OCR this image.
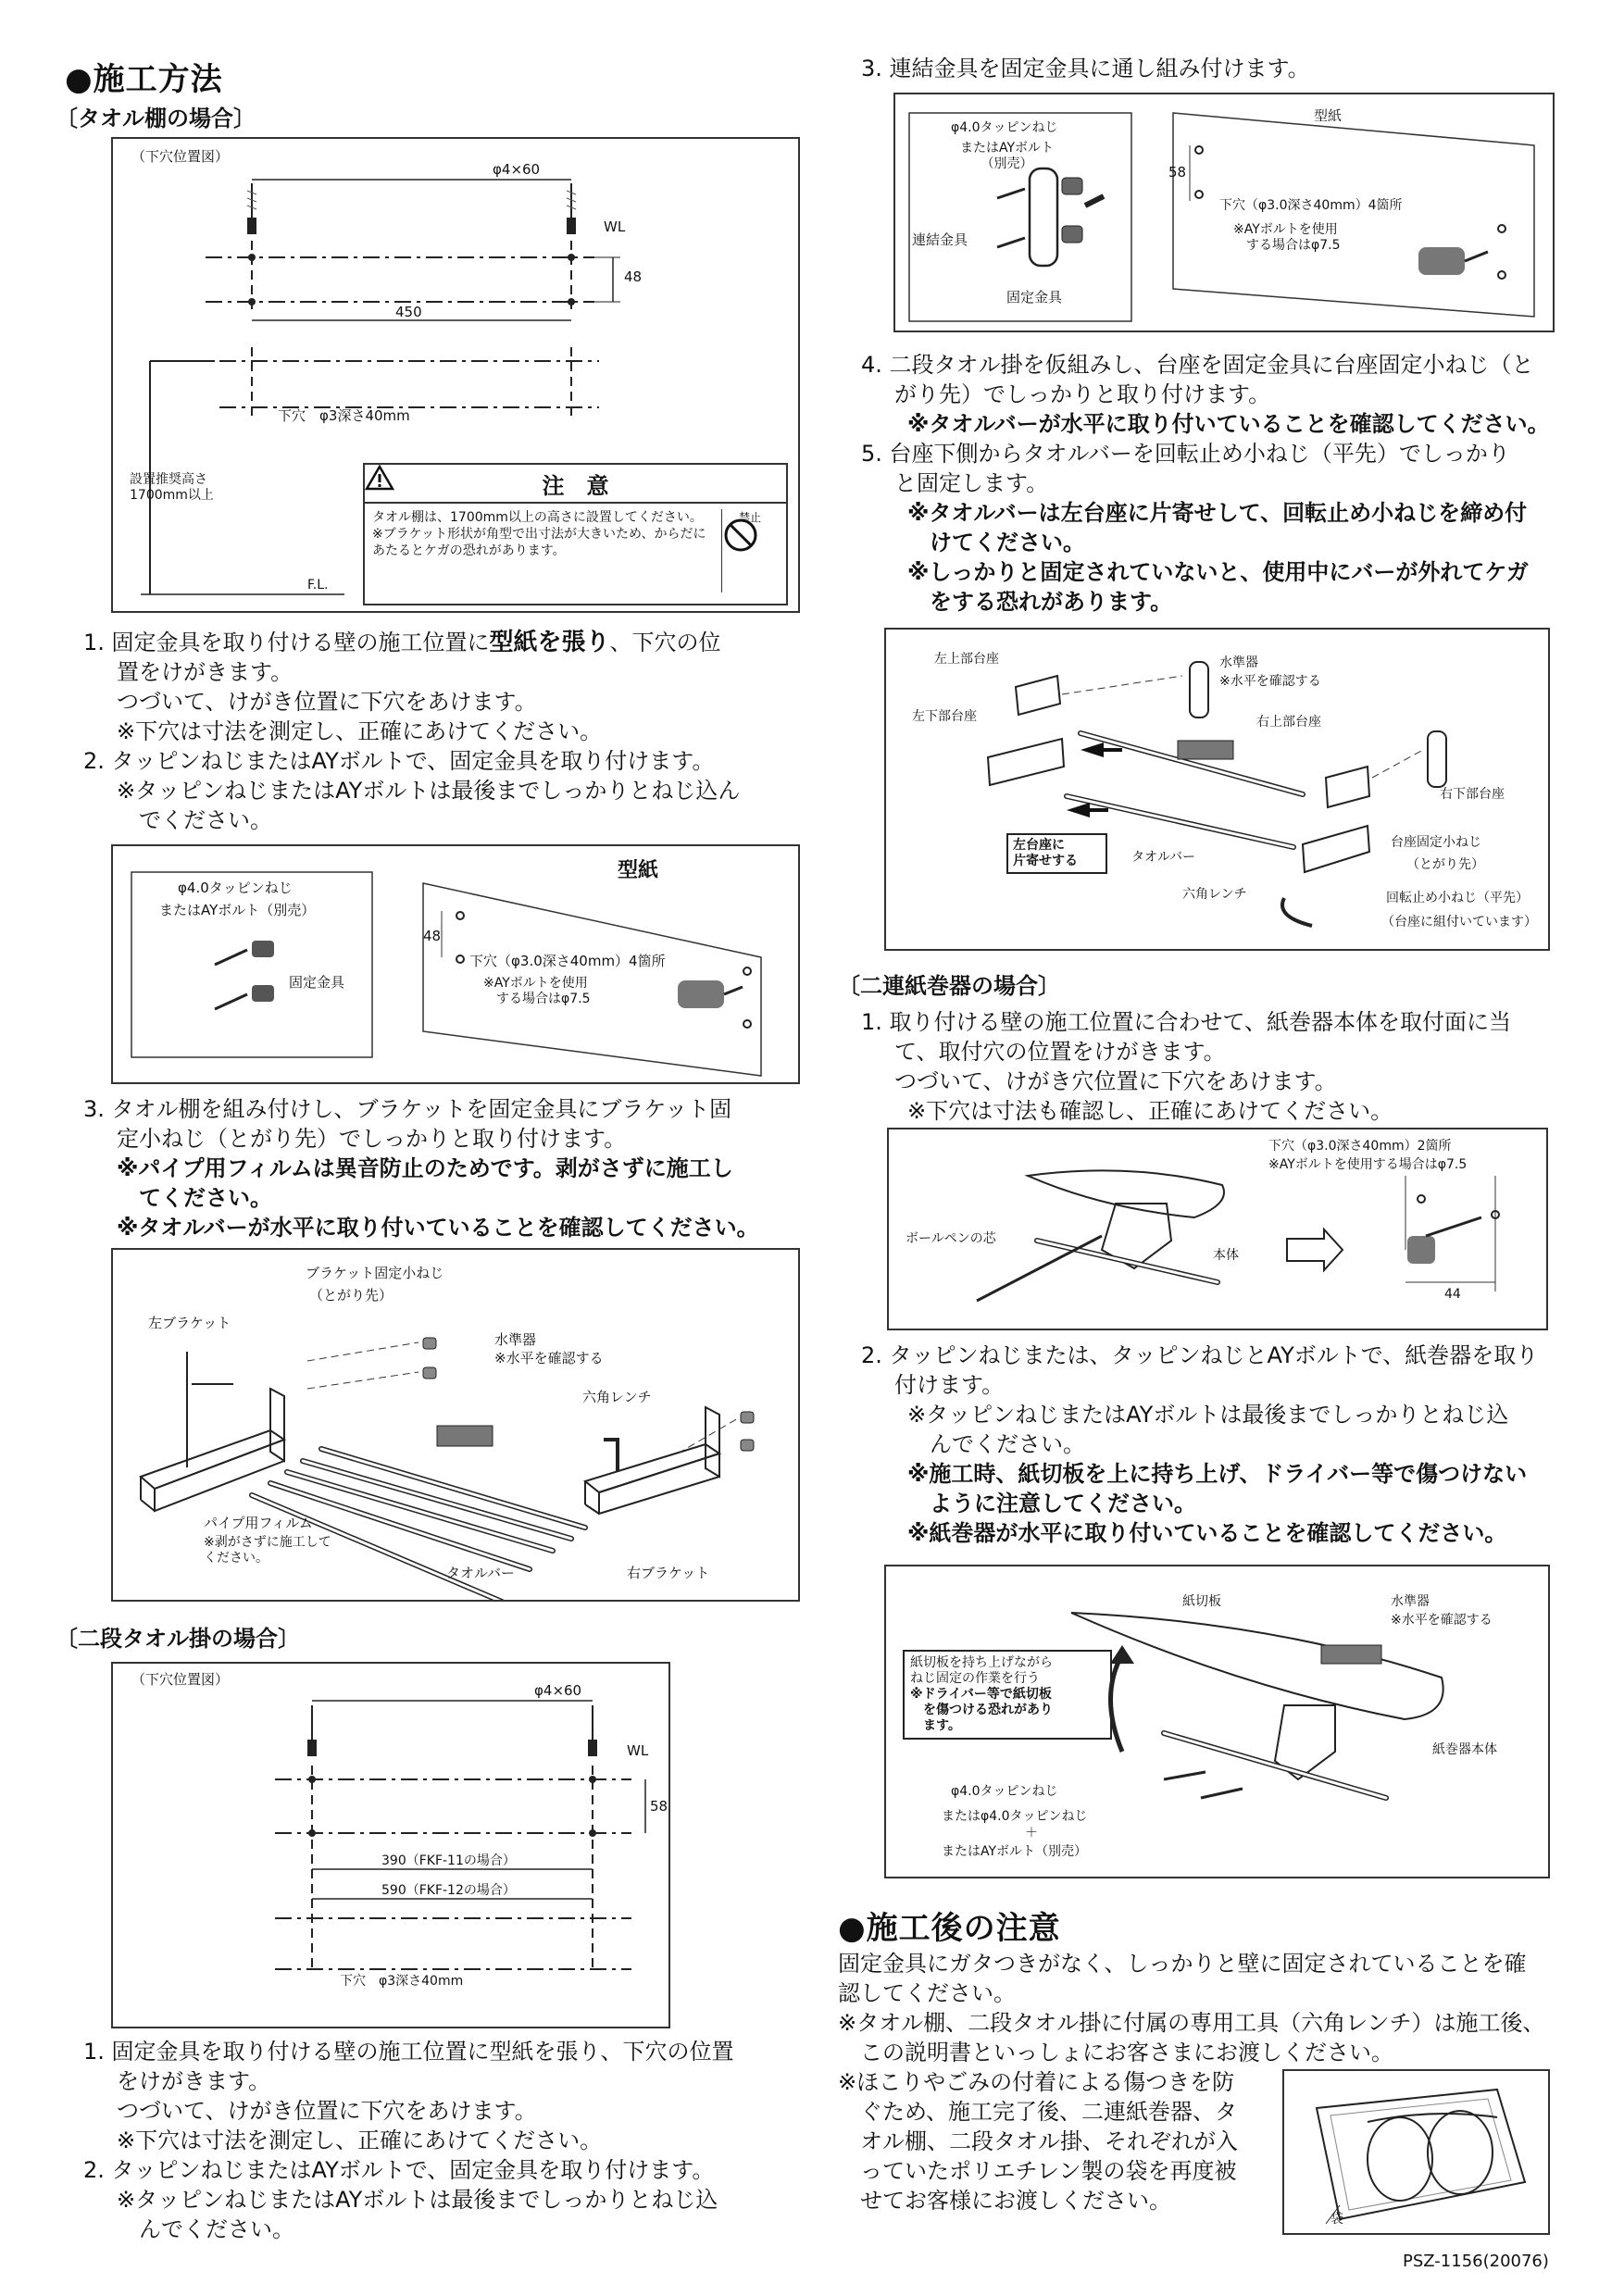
●施工方法
〔タオル棚の場合〕
（下穴位置図）
φ4×60
WL
48
450
下穴　φ3深さ40mm
設置推奨高さ
1700mm以上
F.L.
注　意
タオル棚は、1700mm以上の高さに設置してください。
※ブラケット形状が角型で出寸法が大きいため、からだにあたるとケガの恐れがあります。
禁止
1. 固定金具を取り付ける壁の施工位置に型紙を張り、下穴の位
置をけがきます。
つづいて、けがき位置に下穴をあけます。
※下穴は寸法を測定し、正確にあけてください。
2. タッピンねじまたはAYボルトで、固定金具を取り付けます。
※タッピンねじまたはAYボルトは最後までしっかりとねじ込ん
でください。
φ4.0タッピンねじ
またはAYボルト（別売）
固定金具
型紙
48
下穴（φ3.0深さ40mm）4箇所
※AYボルトを使用
　する場合はφ7.5
3. タオル棚を組み付けし、ブラケットを固定金具にブラケット固
定小ねじ（とがり先）でしっかりと取り付けます。
※パイプ用フィルムは異音防止のためです。剥がさずに施工し
てください。
※タオルバーが水平に取り付いていることを確認してください。
ブラケット固定小ねじ
（とがり先）
左ブラケット
水準器
※水平を確認する
六角レンチ
パイプ用フィルム
※剥がさずに施工して
ください。
タオルバー	右ブラケット
〔二段タオル掛の場合〕
（下穴位置図）
φ4×60
WL
58
390（FKF-11の場合）
590（FKF-12の場合）
下穴　φ3深さ40mm
1. 固定金具を取り付ける壁の施工位置に型紙を張り、下穴の位置
をけがきます。
つづいて、けがき位置に下穴をあけます。
※下穴は寸法を測定し、正確にあけてください。
2. タッピンねじまたはAYボルトで、固定金具を取り付けます。
※タッピンねじまたはAYボルトは最後までしっかりとねじ込
んでください。
3. 連結金具を固定金具に通し組み付けます。
φ4.0タッピンねじ
またはAYボルト
（別売）
連結金具
固定金具
型紙
58
下穴（φ3.0深さ40mm）4箇所
※AYボルトを使用
　する場合はφ7.5
4. 二段タオル掛を仮組みし、台座を固定金具に台座固定小ねじ（と
がり先）でしっかりと取り付けます。
※タオルバーが水平に取り付いていることを確認してください。
5. 台座下側からタオルバーを回転止め小ねじ（平先）でしっかり
と固定します。
※タオルバーは左台座に片寄せして、回転止め小ねじを締め付
けてください。
※しっかりと固定されていないと、使用中にバーが外れてケガ
をする恐れがあります。
左上部台座
左下部台座
水準器
※水平を確認する
右上部台座
右下部台座
左台座に
片寄せする	タオルバー
台座固定小ねじ
（とがり先）
六角レンチ	回転止め小ねじ（平先）
（台座に組付いています）
〔二連紙巻器の場合〕
1. 取り付ける壁の施工位置に合わせて、紙巻器本体を取付面に当
て、取付穴の位置をけがきます。
つづいて、けがき穴位置に下穴をあけます。
※下穴は寸法も確認し、正確にあけてください。
下穴（φ3.0深さ40mm）2箇所
※AYボルトを使用する場合はφ7.5
ボールペンの芯
本体
44
2. タッピンねじまたは、タッピンねじとAYボルトで、紙巻器を取り
付けます。
※タッピンねじまたはAYボルトは最後までしっかりとねじ込
んでください。
※施工時、紙切板を上に持ち上げ、ドライバー等で傷つけない
ように注意してください。
※紙巻器が水平に取り付いていることを確認してください。
紙切板	水準器
※水平を確認する
紙切板を持ち上げながら
ねじ固定の作業を行う
※ドライバー等で紙切板
　を傷つける恐れがあり
　ます。
紙巻器本体
φ4.0タッピンねじ
またはφ4.0タッピンねじ
＋
またはAYボルト（別売）
●施工後の注意
固定金具にガタつきがなく、しっかりと壁に固定されていることを確
認してください。
※タオル棚、二段タオル掛に付属の専用工具（六角レンチ）は施工後、
この説明書といっしょにお客さまにお渡しください。
※ほこりやごみの付着による傷つきを防
ぐため、施工完了後、二連紙巻器、タ
オル棚、二段タオル掛、それぞれが入
っていたポリエチレン製の袋を再度被
せてお客様にお渡しください。
袋
PSZ-1156(20076)
